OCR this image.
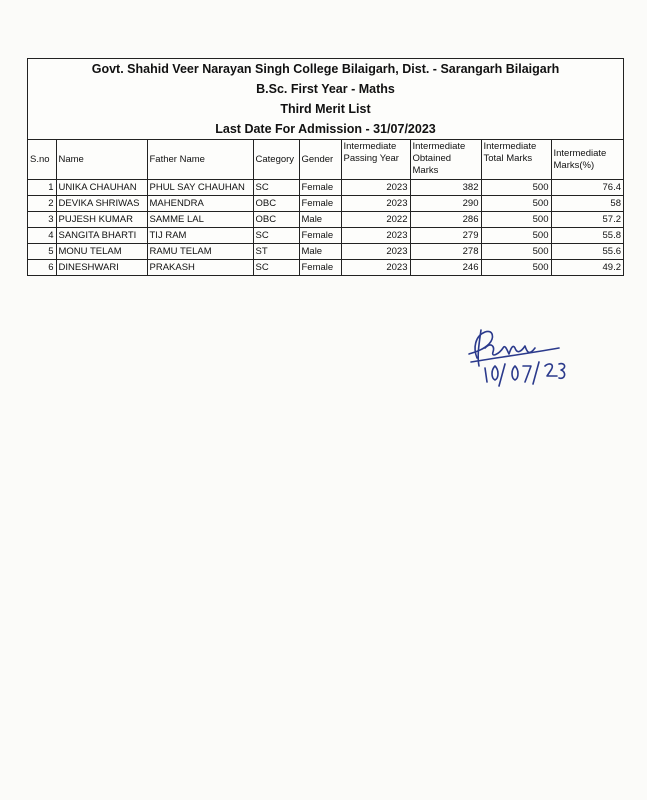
Govt. Shahid Veer Narayan Singh College Bilaigarh, Dist. - Sarangarh Bilaigarh
B.Sc. First Year - Maths
Third Merit List
Last Date For Admission - 31/07/2023
S.no	Name	Father Name	Category	Gender	Intermediate Passing Year	Intermediate Obtained Marks	Intermediate Total Marks	Intermediate Marks(%)
1	UNIKA CHAUHAN	PHUL SAY CHAUHAN	SC	Female	2023	382	500	76.4
2	DEVIKA SHRIWAS	MAHENDRA	OBC	Female	2023	290	500	58
3	PUJESH KUMAR	SAMME LAL	OBC	Male	2022	286	500	57.2
4	SANGITA BHARTI	TIJ RAM	SC	Female	2023	279	500	55.8
5	MONU TELAM	RAMU TELAM	ST	Male	2023	278	500	55.6
6	DINESHWARI	PRAKASH	SC	Female	2023	246	500	49.2
